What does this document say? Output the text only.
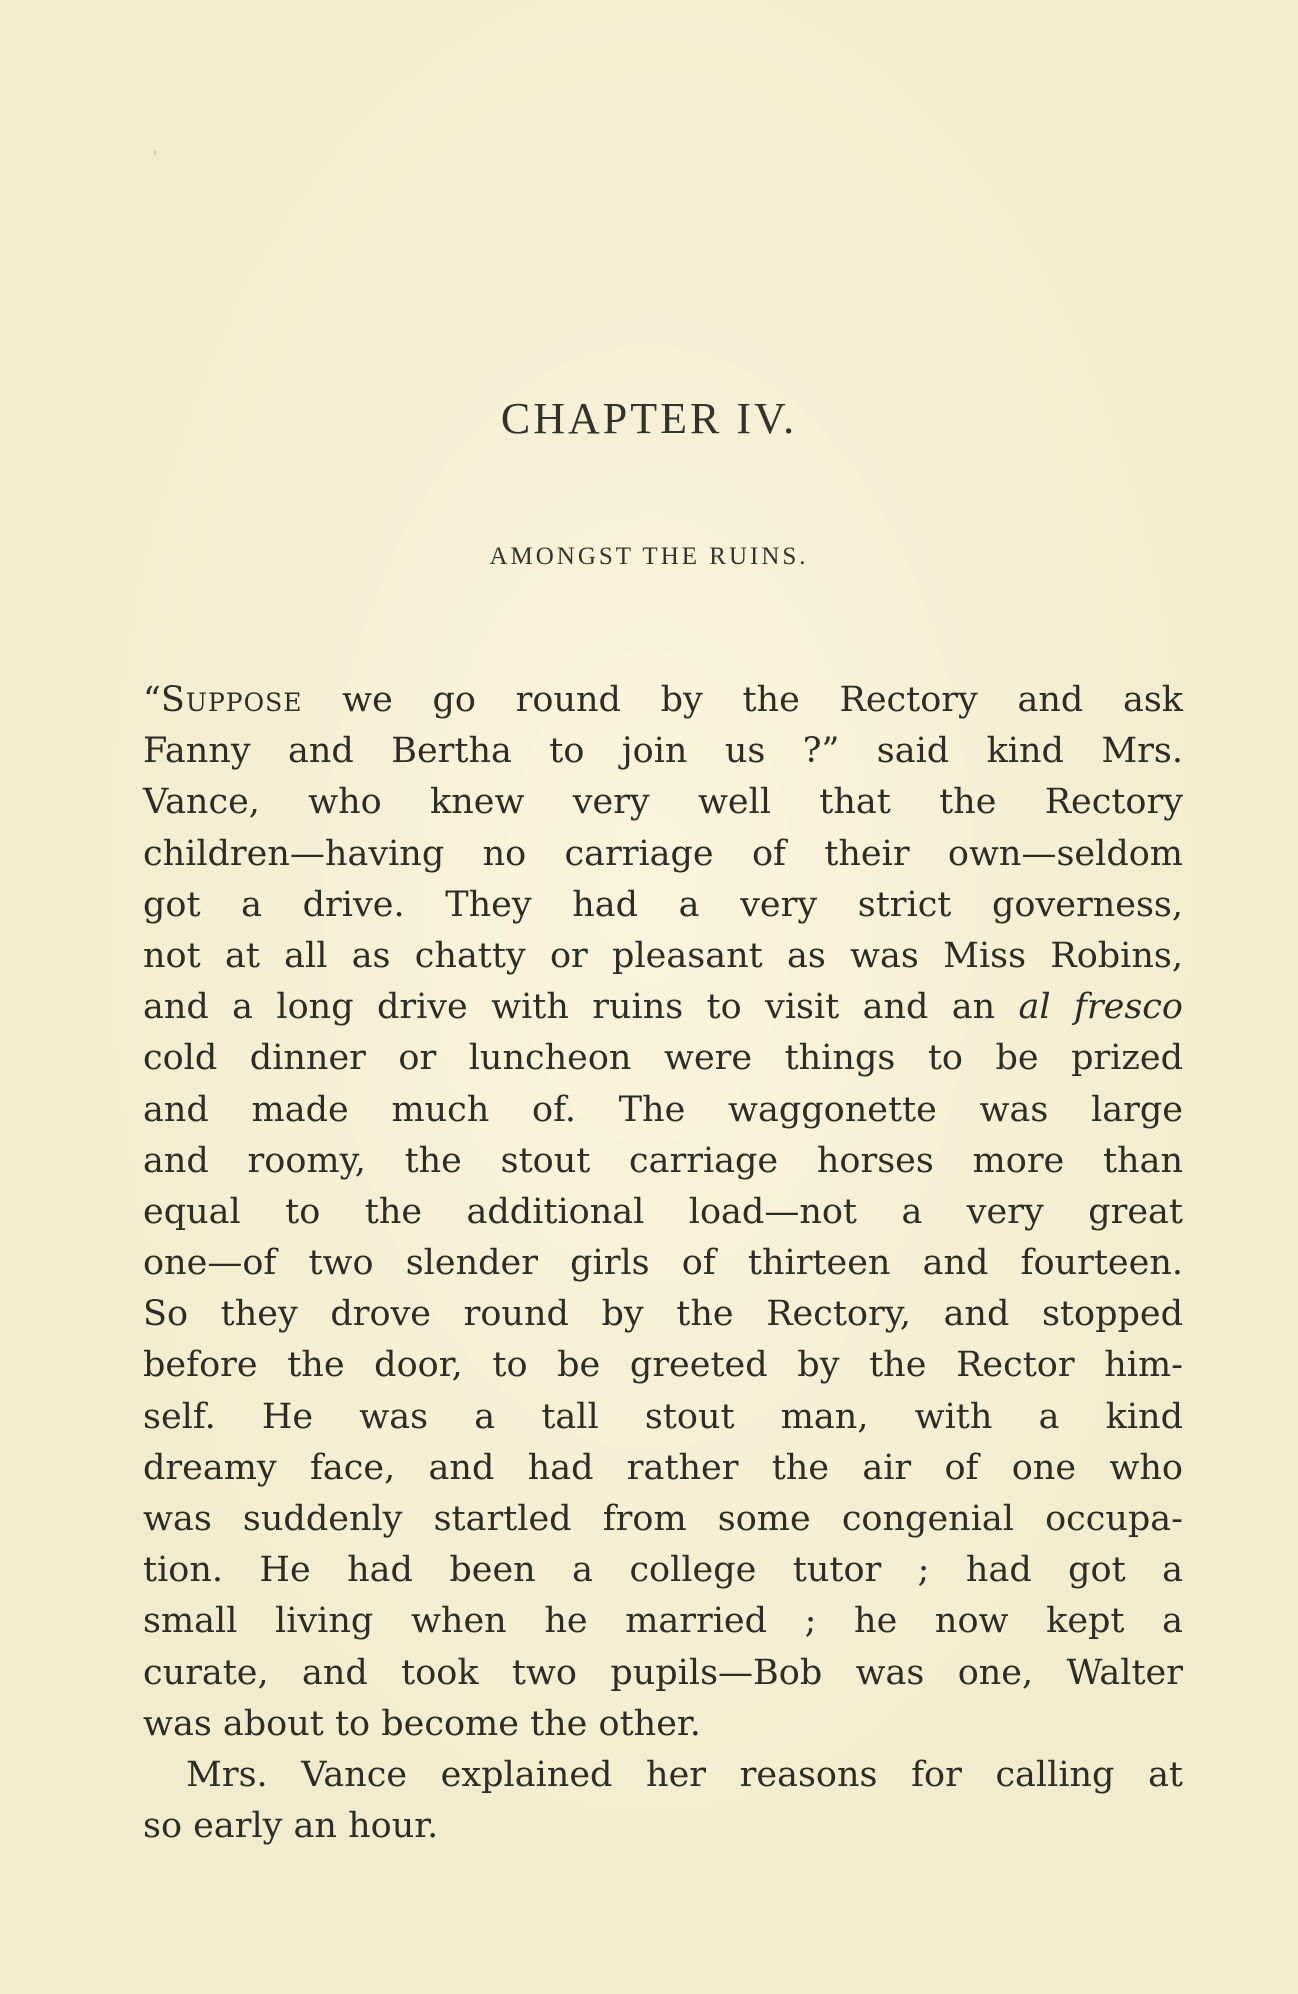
CHAPTER IV.
AMONGST THE RUINS.
“Suppose we go round by the Rectory and ask
Fanny and Bertha to join us ?” said kind Mrs.
Vance, who knew very well that the Rectory
children—having no carriage of their own—seldom
got a drive. They had a very strict governess,
not at all as chatty or pleasant as was Miss Robins,
and a long drive with ruins to visit and an al fresco
cold dinner or luncheon were things to be prized
and made much of. The waggonette was large
and roomy, the stout carriage horses more than
equal to the additional load—not a very great
one—of two slender girls of thirteen and fourteen.
So they drove round by the Rectory, and stopped
before the door, to be greeted by the Rector him-
self. He was a tall stout man, with a kind
dreamy face, and had rather the air of one who
was suddenly startled from some congenial occupa-
tion. He had been a college tutor ; had got a
small living when he married ; he now kept a
curate, and took two pupils—Bob was one, Walter
was about to become the other.
Mrs. Vance explained her reasons for calling at
so early an hour.
